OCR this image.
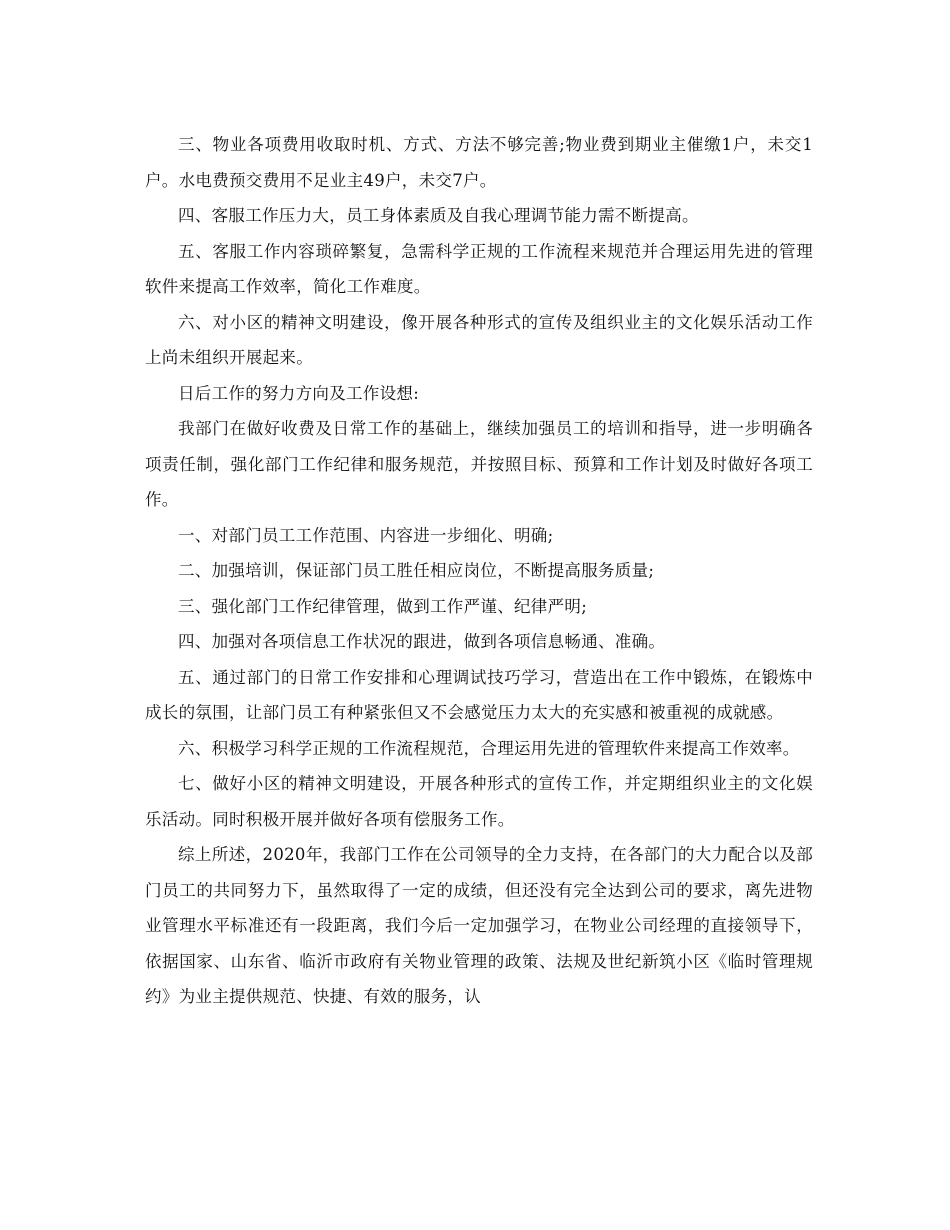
三、物业各项费用收取时机、方式、方法不够完善;物业费到期业主催缴1户，未交1户。水电费预交费用不足业主49户，未交7户。

四、客服工作压力大，员工身体素质及自我心理调节能力需不断提高。

五、客服工作内容琐碎繁复，急需科学正规的工作流程来规范并合理运用先进的管理软件来提高工作效率，简化工作难度。

六、对小区的精神文明建设，像开展各种形式的宣传及组织业主的文化娱乐活动工作上尚未组织开展起来。

日后工作的努力方向及工作设想:

我部门在做好收费及日常工作的基础上，继续加强员工的培训和指导，进一步明确各项责任制，强化部门工作纪律和服务规范，并按照目标、预算和工作计划及时做好各项工作。

一、对部门员工工作范围、内容进一步细化、明确;

二、加强培训，保证部门员工胜任相应岗位，不断提高服务质量;

三、强化部门工作纪律管理，做到工作严谨、纪律严明;

四、加强对各项信息工作状况的跟进，做到各项信息畅通、准确。

五、通过部门的日常工作安排和心理调试技巧学习，营造出在工作中锻炼，在锻炼中成长的氛围，让部门员工有种紧张但又不会感觉压力太大的充实感和被重视的成就感。

六、积极学习科学正规的工作流程规范，合理运用先进的管理软件来提高工作效率。

七、做好小区的精神文明建设，开展各种形式的宣传工作，并定期组织业主的文化娱乐活动。同时积极开展并做好各项有偿服务工作。

综上所述，2020年，我部门工作在公司领导的全力支持，在各部门的大力配合以及部门员工的共同努力下，虽然取得了一定的成绩，但还没有完全达到公司的要求，离先进物业管理水平标准还有一段距离，我们今后一定加强学习，在物业公司经理的直接领导下，依据国家、山东省、临沂市政府有关物业管理的政策、法规及世纪新筑小区《临时管理规约》为业主提供规范、快捷、有效的服务，认
